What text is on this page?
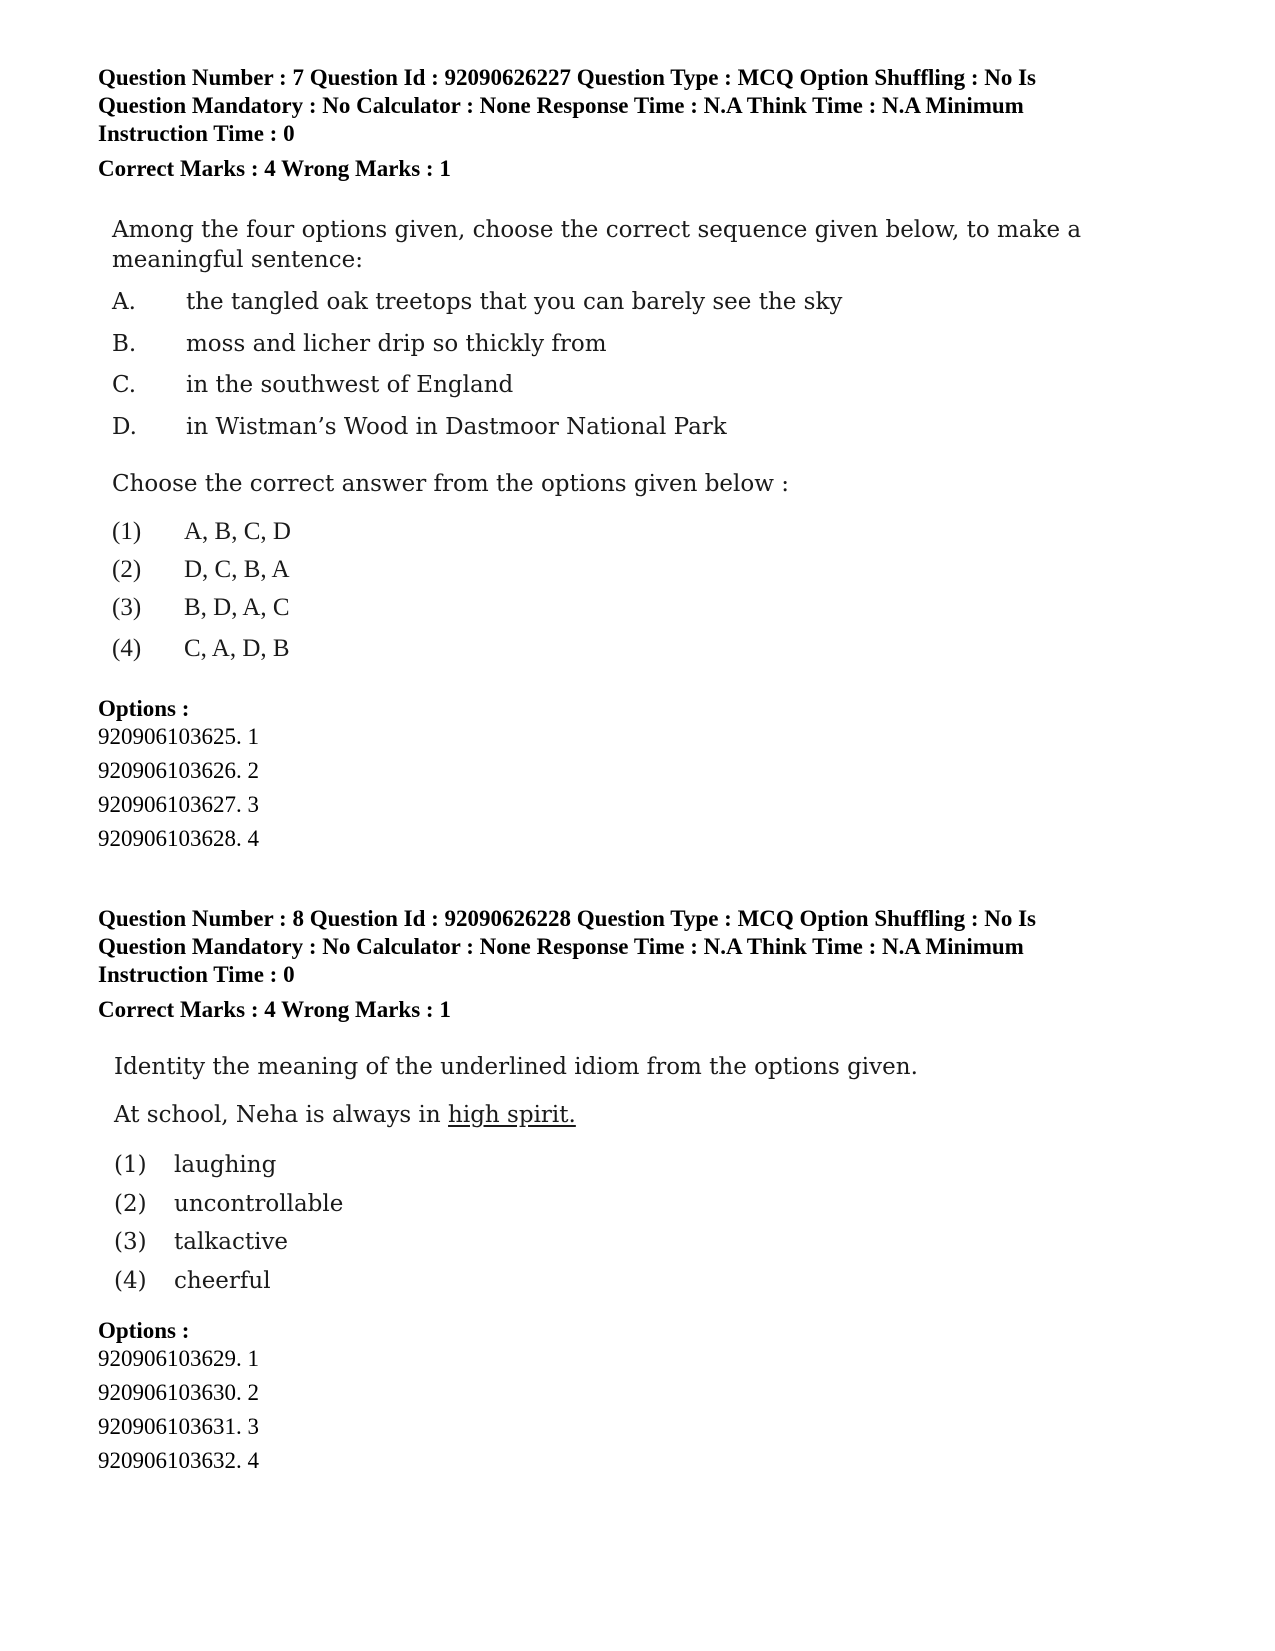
Question Number : 7 Question Id : 92090626227 Question Type : MCQ Option Shuffling : No Is
Question Mandatory : No Calculator : None Response Time : N.A Think Time : N.A Minimum
Instruction Time : 0
Correct Marks : 4 Wrong Marks : 1
Among the four options given, choose the correct sequence given below, to make a
meaningful sentence:
A. the tangled oak treetops that you can barely see the sky
B. moss and licher drip so thickly from
C. in the southwest of England
D. in Wistman’s Wood in Dastmoor National Park
Choose the correct answer from the options given below :
(1) A, B, C, D
(2) D, C, B, A
(3) B, D, A, C
(4) C, A, D, B
Options :
920906103625. 1
920906103626. 2
920906103627. 3
920906103628. 4
Question Number : 8 Question Id : 92090626228 Question Type : MCQ Option Shuffling : No Is
Question Mandatory : No Calculator : None Response Time : N.A Think Time : N.A Minimum
Instruction Time : 0
Correct Marks : 4 Wrong Marks : 1
Identity the meaning of the underlined idiom from the options given.
At school, Neha is always in high spirit.
(1) laughing
(2) uncontrollable
(3) talkactive
(4) cheerful
Options :
920906103629. 1
920906103630. 2
920906103631. 3
920906103632. 4
